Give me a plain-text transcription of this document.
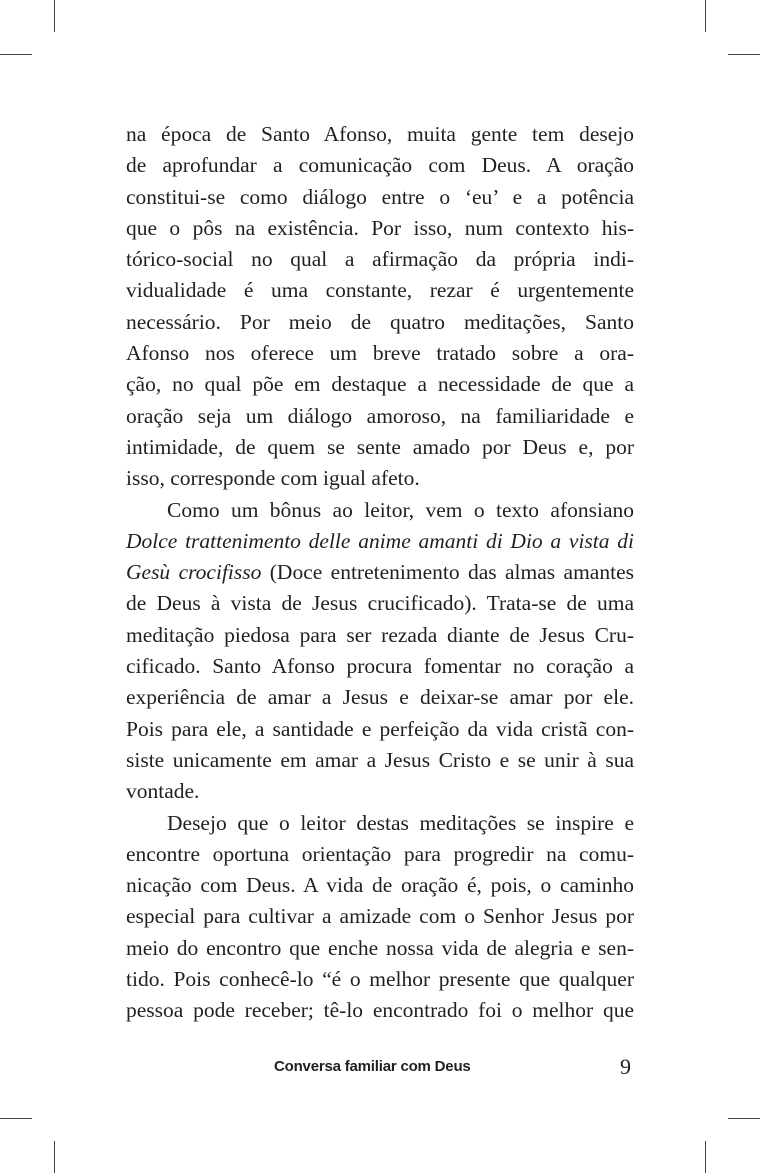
na época de Santo Afonso, muita gente tem desejo
de aprofundar a comunicação com Deus. A oração
constitui-se como diálogo entre o ‘eu’ e a potência
que o pôs na existência. Por isso, num contexto his-
tórico-social no qual a afirmação da própria indi-
vidualidade é uma constante, rezar é urgentemente
necessário. Por meio de quatro meditações, Santo
Afonso nos oferece um breve tratado sobre a ora-
ção, no qual põe em destaque a necessidade de que a
oração seja um diálogo amoroso, na familiaridade e
intimidade, de quem se sente amado por Deus e, por
isso, corresponde com igual afeto.
Como um bônus ao leitor, vem o texto afonsiano
Dolce trattenimento delle anime amanti di Dio a vista di
Gesù crocifisso (Doce entretenimento das almas amantes
de Deus à vista de Jesus crucificado). Trata-se de uma
meditação piedosa para ser rezada diante de Jesus Cru-
cificado. Santo Afonso procura fomentar no coração a
experiência de amar a Jesus e deixar-se amar por ele.
Pois para ele, a santidade e perfeição da vida cristã con-
siste unicamente em amar a Jesus Cristo e se unir à sua
vontade.
Desejo que o leitor destas meditações se inspire e
encontre oportuna orientação para progredir na comu-
nicação com Deus. A vida de oração é, pois, o caminho
especial para cultivar a amizade com o Senhor Jesus por
meio do encontro que enche nossa vida de alegria e sen-
tido. Pois conhecê-lo “é o melhor presente que qualquer
pessoa pode receber; tê-lo encontrado foi o melhor que
Conversa familiar com Deus	9
